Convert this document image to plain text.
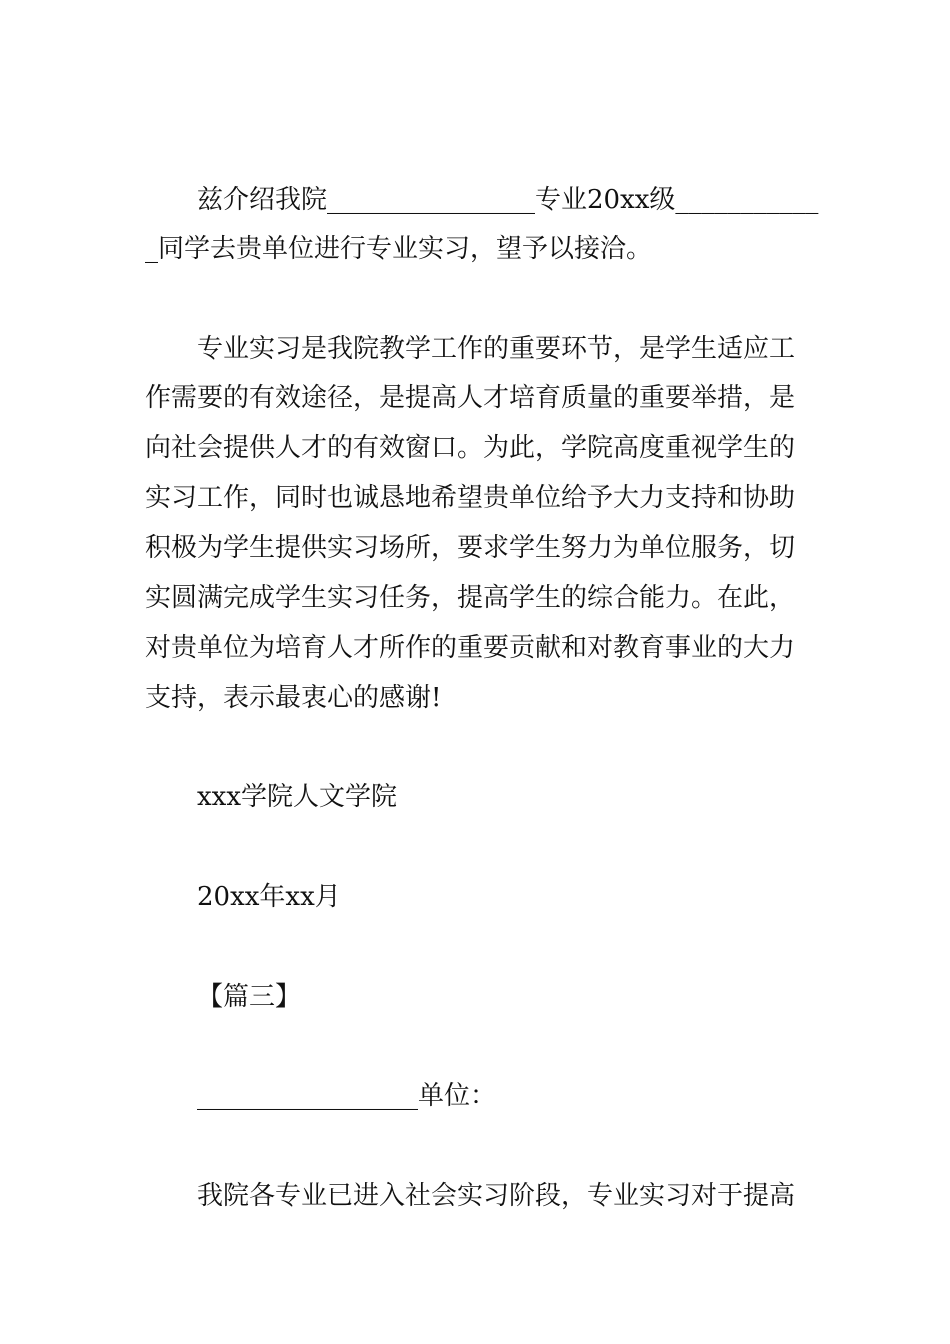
兹介绍我院________________专业20xx级___________

_同学去贵单位进行专业实习，望予以接洽。

专业实习是我院教学工作的重要环节，是学生适应工

作需要的有效途径，是提高人才培育质量的重要举措，是

向社会提供人才的有效窗口。为此，学院高度重视学生的

实习工作，同时也诚恳地希望贵单位给予大力支持和协助

积极为学生提供实习场所，要求学生努力为单位服务，切

实圆满完成学生实习任务，提高学生的综合能力。在此，

对贵单位为培育人才所作的重要贡献和对教育事业的大力

支持，表示最衷心的感谢!

xxx学院人文学院

20xx年xx月

【篇三】

_________________单位：

我院各专业已进入社会实习阶段，专业实习对于提高
